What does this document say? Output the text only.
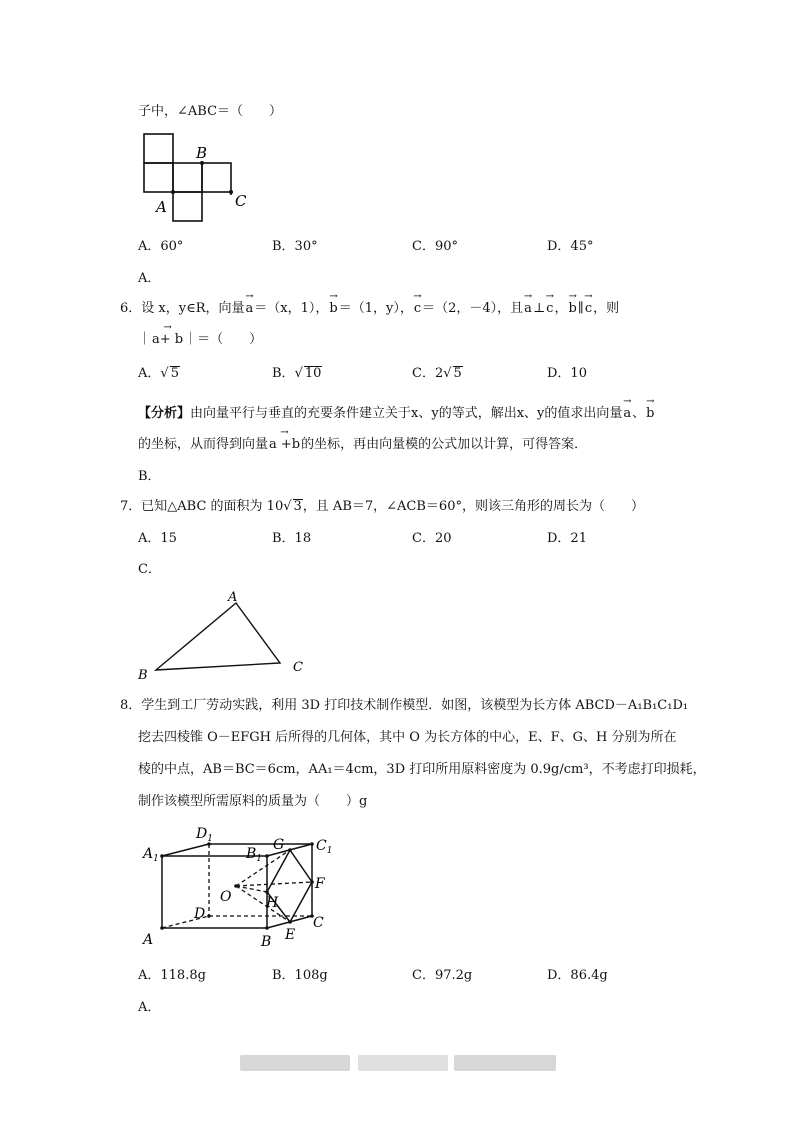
子中，∠ABC＝（　　）
B
C
A
A．60°	B．30°	C．90°	D．45°
A．
6．设 x，y∈R，向量→ a＝（x，1），→ b＝（1，y），→ c＝（2，－4），且→ a⊥→ c，→ b∥→ c，则
｜→ a+ b｜＝（　　）
A．√ 5	B．√ 10	C．2√ 5	D．10
【分析】由向量平行与垂直的充要条件建立关于x、y的等式，解出x、y的值求出向量→ a、→ b
的坐标，从而得到向量→ a +b的坐标，再由向量模的公式加以计算，可得答案．
B．
7．已知△ABC 的面积为 10√ 3，且 AB＝7，∠ACB＝60°，则该三角形的周长为（　　）
A．15	B．18	C．20	D．21
C．
A
B
C
8．学生到工厂劳动实践，利用 3D 打印技术制作模型．如图，该模型为长方体 ABCD－A₁B₁C₁D₁
挖去四棱锥 O－EFGH 后所得的几何体，其中 O 为长方体的中心，E、F、G、H 分别为所在
棱的中点，AB＝BC＝6cm，AA₁＝4cm，3D 打印所用原料密度为 0.9g/cm³，不考虑打印损耗，
制作该模型所需原料的质量为（　　）g
$A_1$
$D_1$
$B_1$
G $C_1$
O H
F
D
A	B E
C
A．118.8g	B．108g	C．97.2g	D．86.4g
A．
